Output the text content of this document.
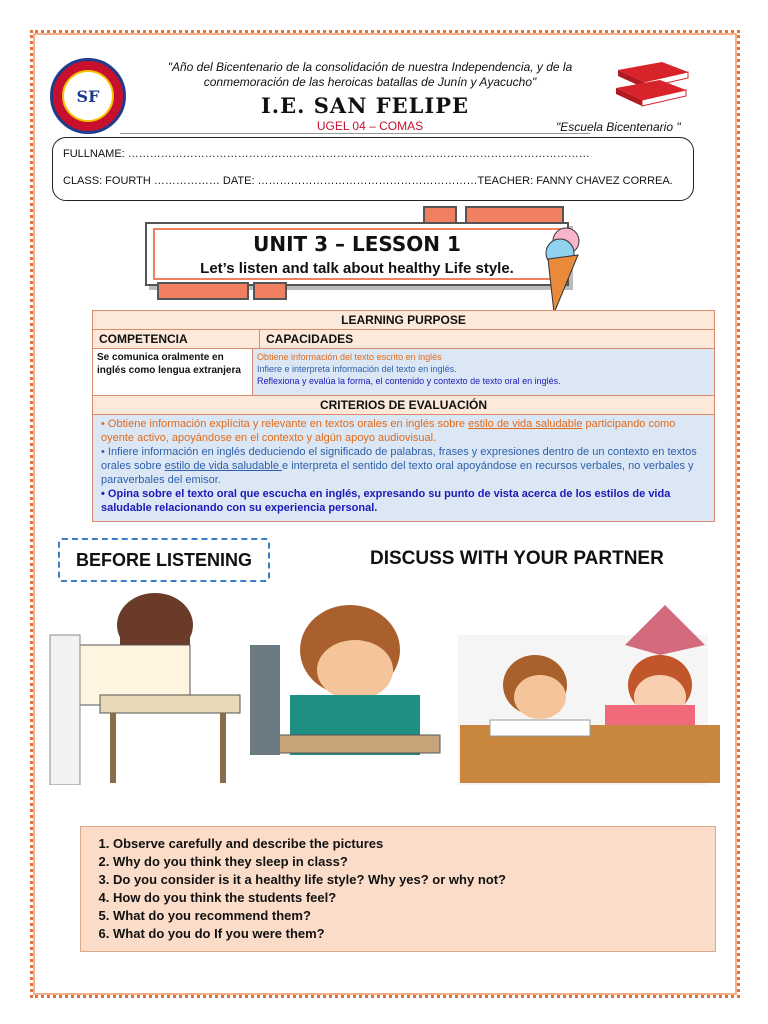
SF
"Año del Bicentenario de la consolidación de nuestra Independencia, y de la conmemoración de las heroicas batallas de Junín y Ayacucho"
I.E. SAN FELIPE
UGEL 04 – COMAS	"Escuela Bicentenario "
FULLNAME: ………………………………………………………………………………………………………………
CLASS: FOURTH ……………… DATE: ……………………………………………………TEACHER: FANNY CHAVEZ CORREA.
UNIT 3 – LESSON 1
Let’s listen and talk about healthy Life style.
LEARNING PURPOSE
COMPETENCIA	CAPACIDADES
Se comunica oralmente en inglés como lengua extranjera
Obtiene información del texto escrito en inglés
Infiere e interpreta información del texto en inglés.
Reflexiona y evalúa la forma, el contenido y contexto de texto oral en inglés.
CRITERIOS DE EVALUACIÓN
• Obtiene información explícita y relevante en textos orales en inglés sobre estilo de vida saludable participando como oyente activo, apoyándose en el contexto y algún apoyo audiovisual.
• Infiere información en inglés deduciendo el significado de palabras, frases y expresiones dentro de un contexto en textos orales sobre estilo de vida saludable e interpreta el sentido del texto oral apoyándose en recursos verbales, no verbales y paraverbales del emisor.
• Opina sobre el texto oral que escucha en inglés, expresando su punto de vista acerca de los estilos de vida saludable relacionando con su experiencia personal.
BEFORE LISTENING	DISCUSS WITH YOUR PARTNER
1. Observe carefully and describe the pictures
2. Why do you think they sleep in class?
3. Do you consider is it a healthy life style? Why yes? or why not?
4. How do you think the students feel?
5. What do you recommend them?
6. What do you do If you were them?
